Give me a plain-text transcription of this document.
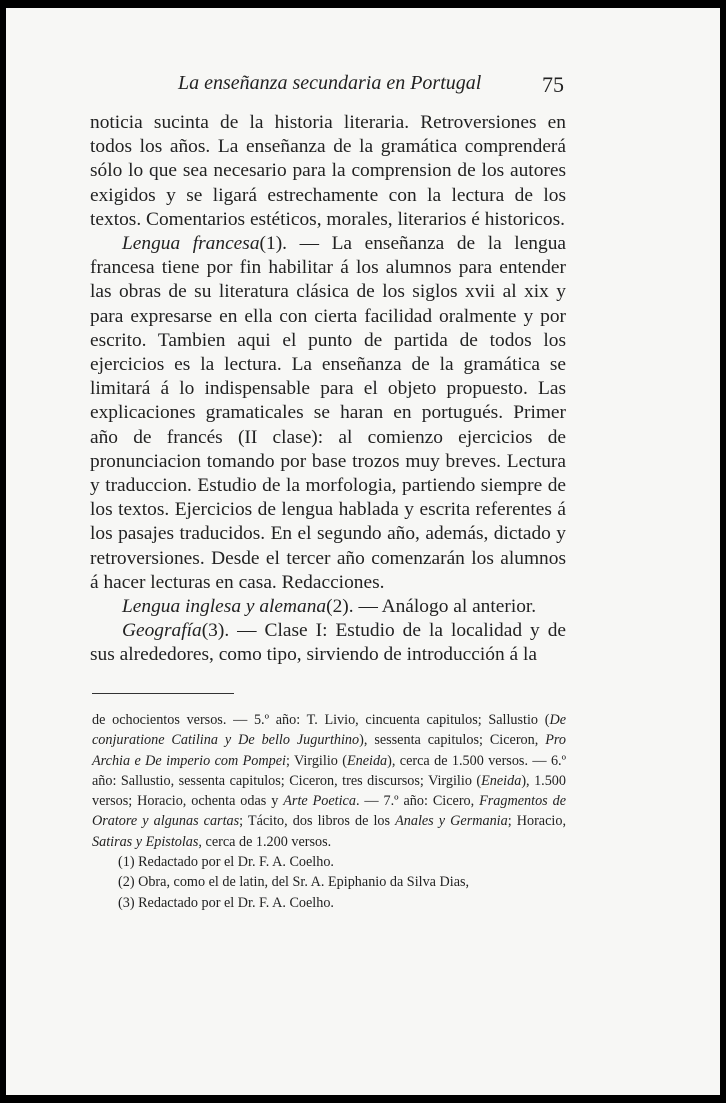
La enseñanza secundaria en Portugal	75

noticia sucinta de la historia literaria. Retroversiones en todos los años. La enseñanza de la gramática comprenderá sólo lo que sea necesario para la comprension de los autores exigidos y se ligará estrechamente con la lectura de los textos. Comentarios estéticos, morales, literarios é historicos.

Lengua francesa(1). — La enseñanza de la lengua francesa tiene por fin habilitar á los alumnos para entender las obras de su literatura clásica de los siglos xvii al xix y para expresarse en ella con cierta facilidad oralmente y por escrito. Tambien aqui el punto de partida de todos los ejercicios es la lectura. La enseñanza de la gramática se limitará á lo indispensable para el objeto propuesto. Las explicaciones gramaticales se haran en portugués. Primer año de francés (II clase): al comienzo ejercicios de pronunciacion tomando por base trozos muy breves. Lectura y traduccion. Estudio de la morfologia, partiendo siempre de los textos. Ejercicios de lengua hablada y escrita referentes á los pasajes traducidos. En el segundo año, además, dictado y retroversiones. Desde el tercer año comenzarán los alumnos á hacer lecturas en casa. Redacciones.

Lengua inglesa y alemana(2). — Análogo al anterior.

Geografía(3). — Clase I: Estudio de la localidad y de sus alrededores, como tipo, sirviendo de introducción á la

de ochocientos versos. — 5.º año: T. Livio, cincuenta capitulos; Sallustio (De conjuratione Catilina y De bello Jugurthino), sessenta capitulos; Ciceron, Pro Archia e De imperio com Pompei; Virgilio (Eneida), cerca de 1.500 versos. — 6.º año: Sallustio, sessenta capitulos; Ciceron, tres discursos; Virgilio (Eneida), 1.500 versos; Horacio, ochenta odas y Arte Poetica. — 7.º año: Cicero, Fragmentos de Oratore y algunas cartas; Tácito, dos libros de los Anales y Germania; Horacio, Satiras y Epistolas, cerca de 1.200 versos.

(1) Redactado por el Dr. F. A. Coelho.

(2) Obra, como el de latin, del Sr. A. Epiphanio da Silva Dias,

(3) Redactado por el Dr. F. A. Coelho.
